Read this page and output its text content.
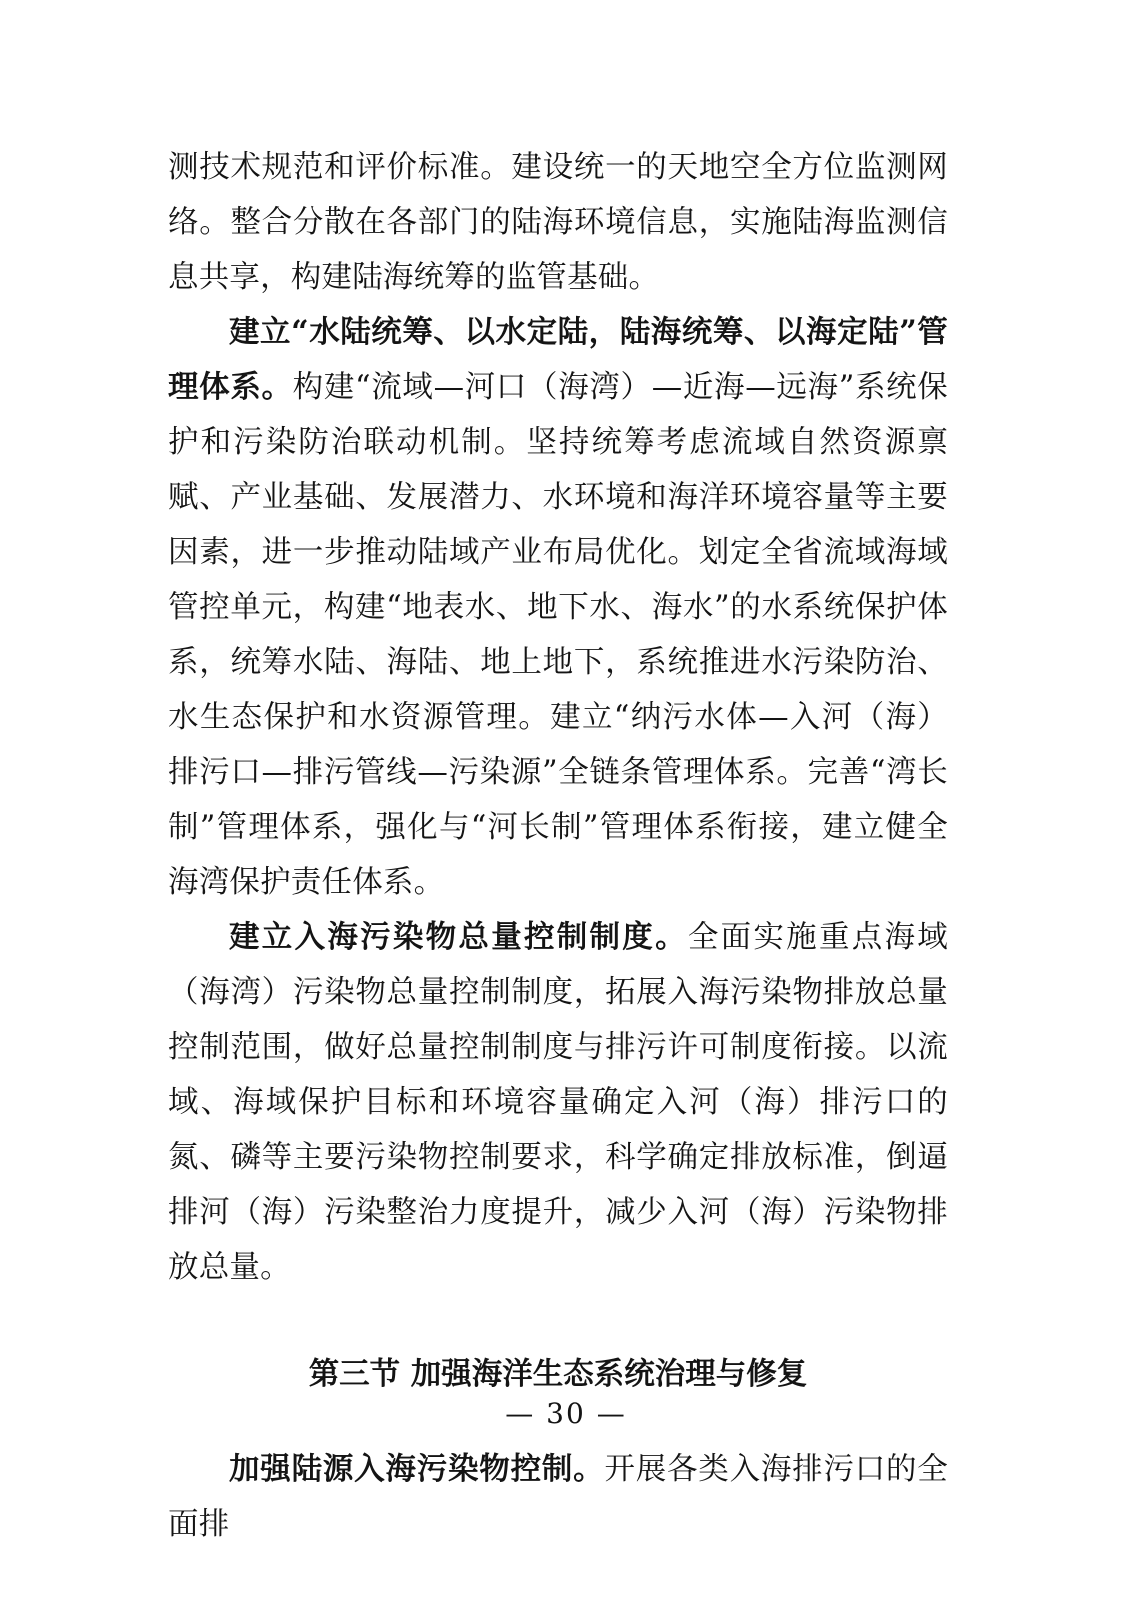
测技术规范和评价标准。建设统一的天地空全方位监测网络。整合分散在各部门的陆海环境信息，实施陆海监测信息共享，构建陆海统筹的监管基础。

建立“水陆统筹、以水定陆，陆海统筹、以海定陆”管理体系。构建“流域—河口（海湾）—近海—远海”系统保护和污染防治联动机制。坚持统筹考虑流域自然资源禀赋、产业基础、发展潜力、水环境和海洋环境容量等主要因素，进一步推动陆域产业布局优化。划定全省流域海域管控单元，构建“地表水、地下水、海水”的水系统保护体系，统筹水陆、海陆、地上地下，系统推进水污染防治、水生态保护和水资源管理。建立“纳污水体—入河（海）排污口—排污管线—污染源”全链条管理体系。完善“湾长制”管理体系，强化与“河长制”管理体系衔接，建立健全海湾保护责任体系。

建立入海污染物总量控制制度。全面实施重点海域（海湾）污染物总量控制制度，拓展入海污染物排放总量控制范围，做好总量控制制度与排污许可制度衔接。以流域、海域保护目标和环境容量确定入河（海）排污口的氮、磷等主要污染物控制要求，科学确定排放标准，倒逼排河（海）污染整治力度提升，减少入河（海）污染物排放总量。

第三节 加强海洋生态系统治理与修复

加强陆源入海污染物控制。开展各类入海排污口的全面排

— 30 —
